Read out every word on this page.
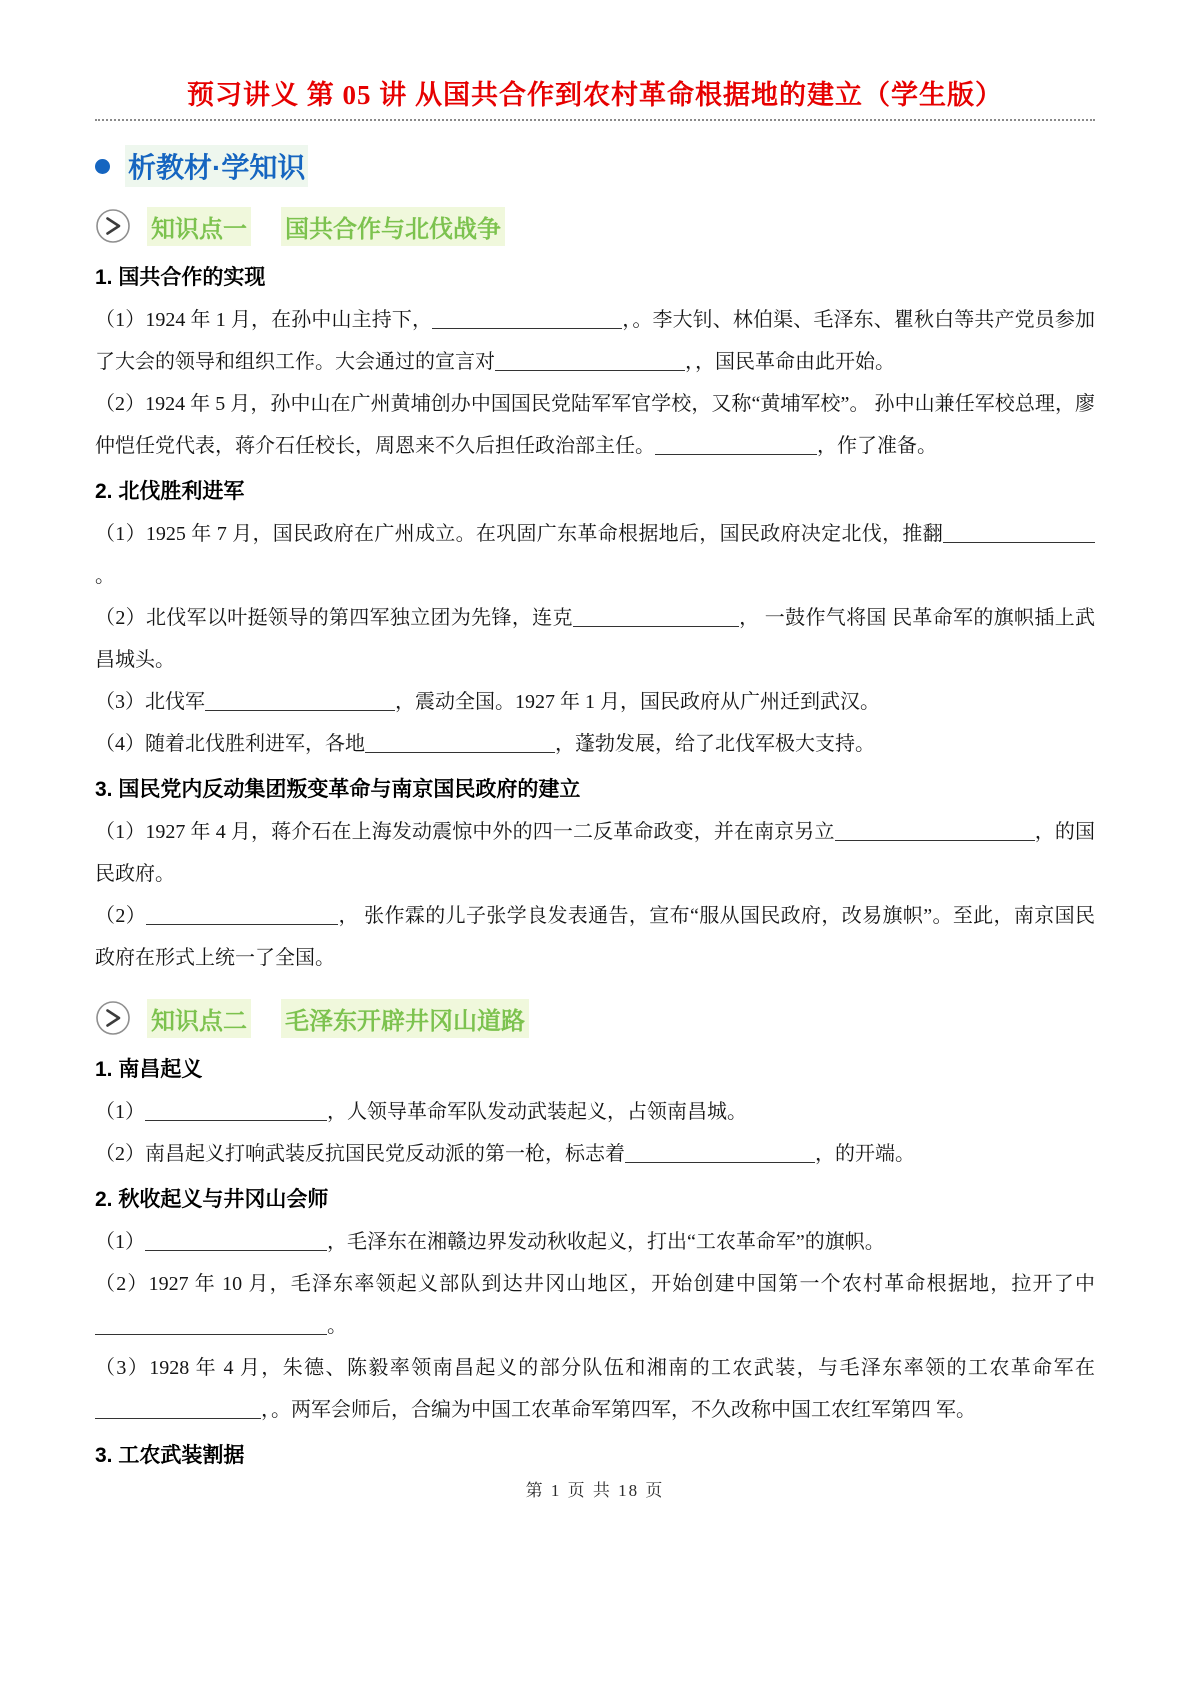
预习讲义 第 05 讲 从国共合作到农村革命根据地的建立（学生版）
析教材·学知识
知识点一 国共合作与北伐战争
1. 国共合作的实现
（1）1924 年 1 月，在孙中山主持下，	，。李大钊、林伯渠、毛泽东、瞿秋白等共产党员参加了大会的领导和组织工作。大会通过的宣言对	，，国民革命由此开始。
（2）1924 年 5 月，孙中山在广州黄埔创办中国国民党陆军军官学校，又称“黄埔军校”。 孙中山兼任军校总理，廖仲恺任党代表，蒋介石任校长，周恩来不久后担任政治部主任。	，作了准备。
2. 北伐胜利进军
（1）1925 年 7 月，国民政府在广州成立。在巩固广东革命根据地后，国民政府决定北伐，推翻。
（2）北伐军以叶挺领导的第四军独立团为先锋，连克	， 一鼓作气将国 民革命军的旗帜插上武昌城头。
（3）北伐军	，震动全国。1927 年 1 月，国民政府从广州迁到武汉。
（4）随着北伐胜利进军，各地	，蓬勃发展，给了北伐军极大支持。
3. 国民党内反动集团叛变革命与南京国民政府的建立
（1）1927 年 4 月，蒋介石在上海发动震惊中外的四一二反革命政变，并在南京另立	，的国民政府。
（2）	， 张作霖的儿子张学良发表通告，宣布“服从国民政府，改易旗帜”。至此，南京国民政府在形式上统一了全国。
知识点二 毛泽东开辟井冈山道路
1. 南昌起义
（1）	，人领导革命军队发动武装起义，占领南昌城。
（2）南昌起义打响武装反抗国民党反动派的第一枪，标志着	，的开端。
2. 秋收起义与井冈山会师
（1）	，毛泽东在湘赣边界发动秋收起义，打出“工农革命军”的旗帜。
（2）1927 年 10 月，毛泽东率领起义部队到达井冈山地区，开始创建中国第一个农村革命根据地，拉开了中。
（3）1928 年 4 月，朱德、陈毅率领南昌起义的部分队伍和湘南的工农武装，与毛泽东率领的工农革命军在，。两军会师后，合编为中国工农革命军第四军，不久改称中国工农红军第四 军。
3. 工农武装割据
第 1 页 共 18 页
